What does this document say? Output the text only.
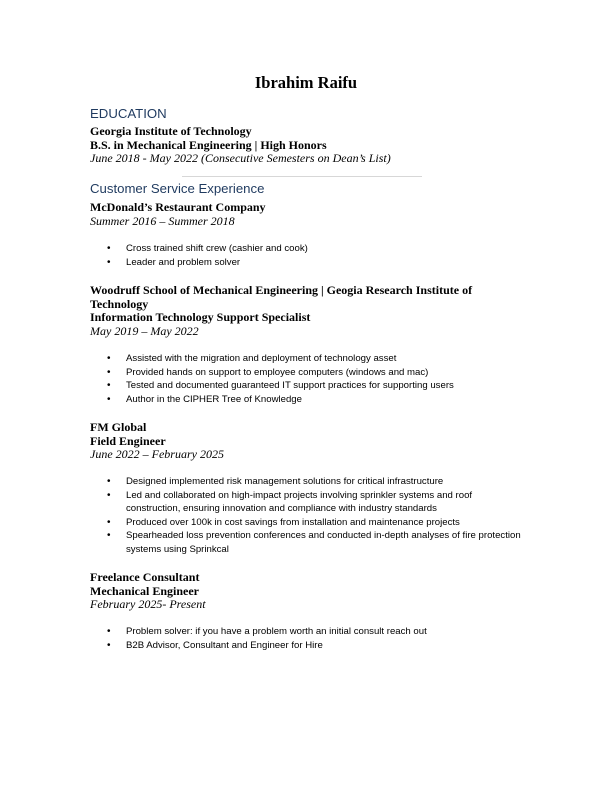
Ibrahim Raifu
EDUCATION
Georgia Institute of Technology
B.S. in Mechanical Engineering | High Honors
June 2018 - May 2022 (Consecutive Semesters on Dean’s List)
Customer Service Experience
McDonald’s Restaurant Company
Summer 2016 – Summer 2018
• Cross trained shift crew (cashier and cook)
• Leader and problem solver
Woodruff School of Mechanical Engineering | Geogia Research Institute of
Technology
Information Technology Support Specialist
May 2019 – May 2022
• Assisted with the migration and deployment of technology asset
• Provided hands on support to employee computers (windows and mac)
• Tested and documented guaranteed IT support practices for supporting users
• Author in the CIPHER Tree of Knowledge
FM Global
Field Engineer
June 2022 – February 2025
• Designed implemented risk management solutions for critical infrastructure
• Led and collaborated on high-impact projects involving sprinkler systems and roof construction, ensuring innovation and compliance with industry standards
• Produced over 100k in cost savings from installation and maintenance projects
• Spearheaded loss prevention conferences and conducted in-depth analyses of fire protection systems using Sprinkcal
Freelance Consultant
Mechanical Engineer
February 2025- Present
• Problem solver: if you have a problem worth an initial consult reach out
• B2B Advisor, Consultant and Engineer for Hire
